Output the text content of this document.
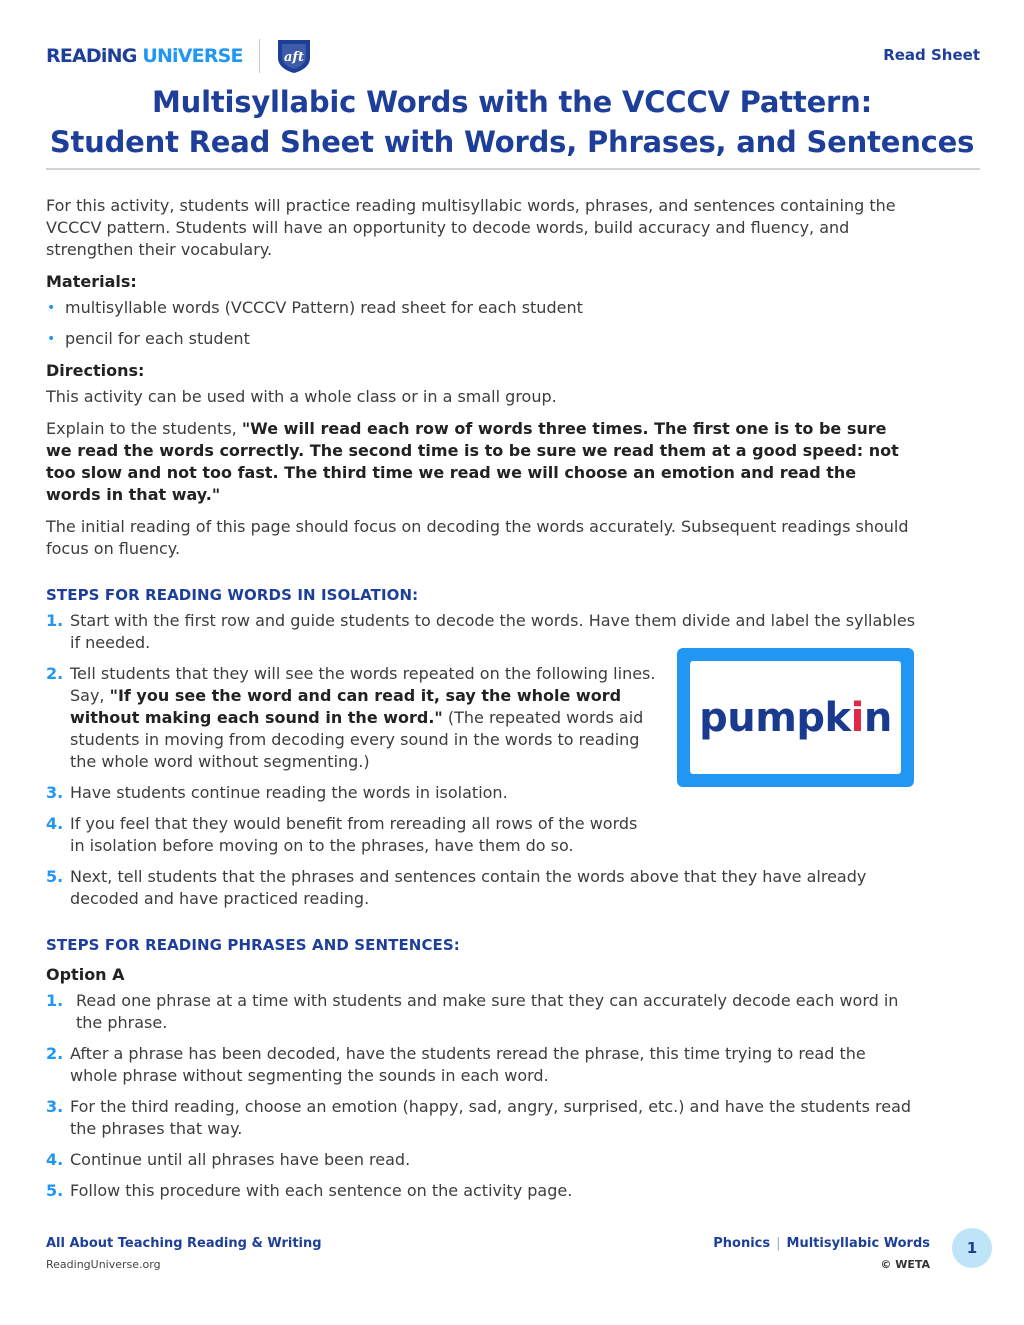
READiNG UNiVERSE	aft	Read Sheet
Multisyllabic Words with the VCCCV Pattern:
Student Read Sheet with Words, Phrases, and Sentences

For this activity, students will practice reading multisyllabic words, phrases, and sentences containing the VCCCV pattern. Students will have an opportunity to decode words, build accuracy and fluency, and strengthen their vocabulary.

Materials:
• multisyllable words (VCCCV Pattern) read sheet for each student
• pencil for each student
Directions:

This activity can be used with a whole class or in a small group.

Explain to the students, "We will read each row of words three times. The first one is to be sure we read the words correctly. The second time is to be sure we read them at a good speed: not too slow and not too fast. The third time we read we will choose an emotion and read the words in that way."

The initial reading of this page should focus on decoding the words accurately. Subsequent readings should focus on fluency.

STEPS FOR READING WORDS IN ISOLATION:
1. Start with the first row and guide students to decode the words. Have them divide and label the syllables if needed.
2. Tell students that they will see the words repeated on the following lines. Say, "If you see the word and can read it, say the whole word without making each sound in the word." (The repeated words aid students in moving from decoding every sound in the words to reading the whole word without segmenting.)
3. Have students continue reading the words in isolation.
4. If you feel that they would benefit from rereading all rows of the words in isolation before moving on to the phrases, have them do so.
5. Next, tell students that the phrases and sentences contain the words above that they have already decoded and have practiced reading.
STEPS FOR READING PHRASES AND SENTENCES:
Option A
1. Read one phrase at a time with students and make sure that they can accurately decode each word in the phrase.
2. After a phrase has been decoded, have the students reread the phrase, this time trying to read the whole phrase without segmenting the sounds in each word.
3. For the third reading, choose an emotion (happy, sad, angry, surprised, etc.) and have the students read the phrases that way.
4. Continue until all phrases have been read.
5. Follow this procedure with each sentence on the activity page.
pumpkin
All About Teaching Reading & Writing
ReadingUniverse.org
Phonics | Multisyllabic Words
© WETA
1
